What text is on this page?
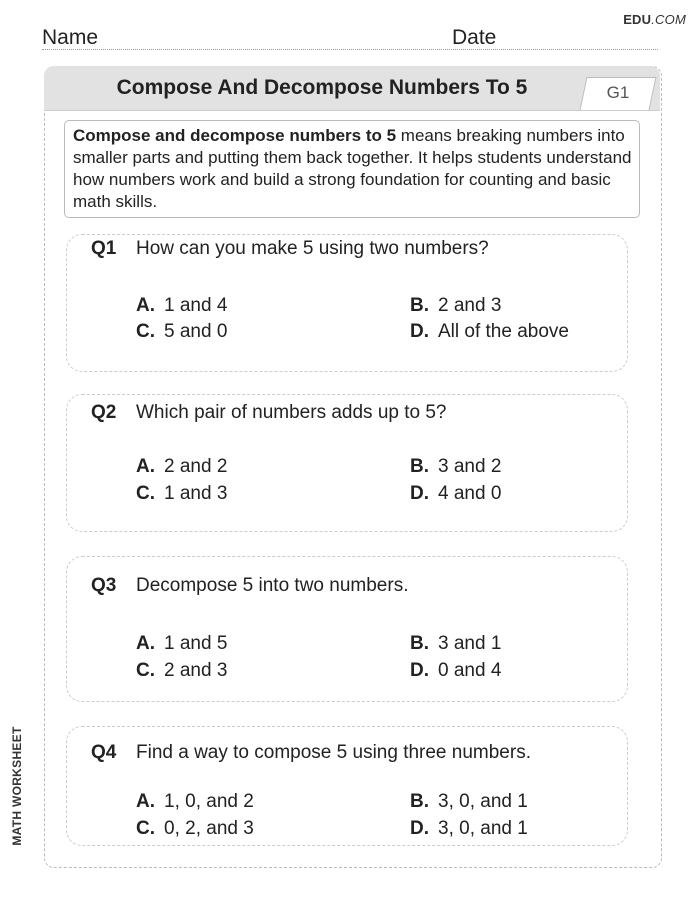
EDU.COM
Name	Date
Compose And Decompose Numbers To 5	G1
Compose and decompose numbers to 5 means breaking numbers into smaller parts and putting them back together. It helps students understand how numbers work and build a strong foundation for counting and basic math skills.
Q1 How can you make 5 using two numbers?
A. 1 and 4	B. 2 and 3
C. 5 and 0	D. All of the above
Q2 Which pair of numbers adds up to 5?
A. 2 and 2	B. 3 and 2
C. 1 and 3	D. 4 and 0
Q3 Decompose 5 into two numbers.
A. 1 and 5	B. 3 and 1
C. 2 and 3	D. 0 and 4
Q4 Find a way to compose 5 using three numbers.
A. 1, 0, and 2	B. 3, 0, and 1
C. 0, 2, and 3	D. 3, 0, and 1
MATH WORKSHEET
